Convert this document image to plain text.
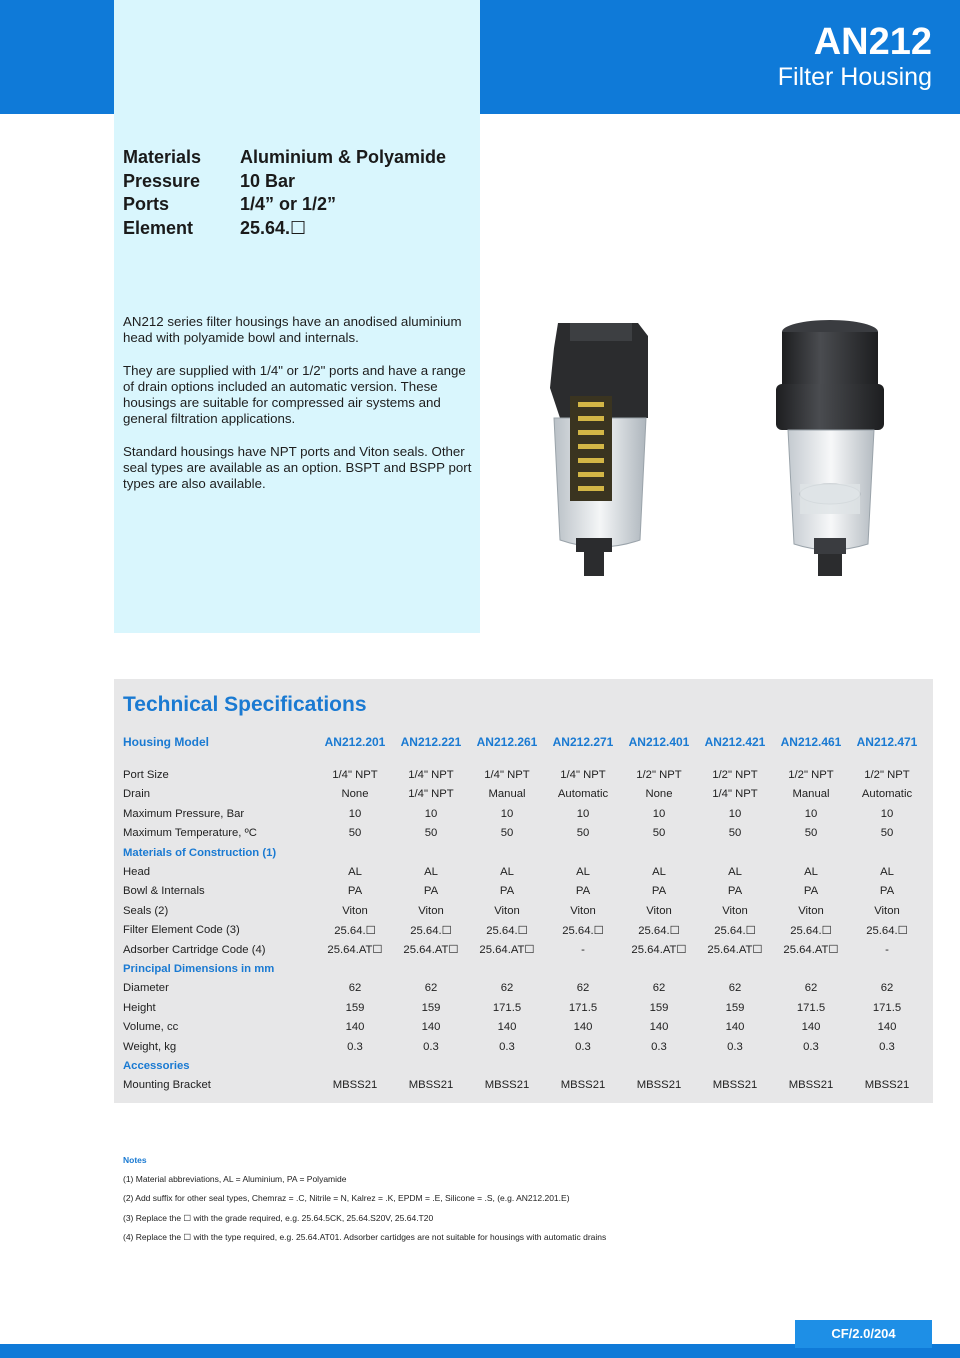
AN212
Filter Housing
Materials	Aluminium & Polyamide
Pressure	10 Bar
Ports	1/4” or 1/2”
Element	25.64.☐

AN212 series filter housings have an anodised aluminium head with polyamide bowl and internals.

They are supplied with 1/4" or 1/2" ports and have a range of drain options included an automatic version. These housings are suitable for compressed air systems and general filtration applications.

Standard housings have NPT ports and Viton seals. Other seal types are available as an option. BSPT and BSPP port types are also available.

Technical Specifications
Housing Model	AN212.201	AN212.221	AN212.261	AN212.271	AN212.401	AN212.421	AN212.461	AN212.471

Port Size	1/4" NPT	1/4" NPT	1/4" NPT	1/4" NPT	1/2" NPT	1/2" NPT	1/2" NPT	1/2" NPT
Drain	None	1/4" NPT	Manual	Automatic	None	1/4" NPT	Manual	Automatic
Maximum Pressure, Bar	10	10	10	10	10	10	10	10
Maximum Temperature, ºC	50	50	50	50	50	50	50	50
Materials of Construction (1)								
Head	AL	AL	AL	AL	AL	AL	AL	AL
Bowl & Internals	PA	PA	PA	PA	PA	PA	PA	PA
Seals (2)	Viton	Viton	Viton	Viton	Viton	Viton	Viton	Viton
Filter Element Code (3)	25.64.☐	25.64.☐	25.64.☐	25.64.☐	25.64.☐	25.64.☐	25.64.☐	25.64.☐
Adsorber Cartridge Code (4)	25.64.AT☐	25.64.AT☐	25.64.AT☐	-	25.64.AT☐	25.64.AT☐	25.64.AT☐	-
Principal Dimensions in mm								
Diameter	62	62	62	62	62	62	62	62
Height	159	159	171.5	171.5	159	159	171.5	171.5
Volume, cc	140	140	140	140	140	140	140	140
Weight, kg	0.3	0.3	0.3	0.3	0.3	0.3	0.3	0.3
Accessories								
Mounting Bracket	MBSS21	MBSS21	MBSS21	MBSS21	MBSS21	MBSS21	MBSS21	MBSS21
Notes
(1) Material abbreviations, AL = Aluminium, PA = Polyamide
(2) Add suffix for other seal types, Chemraz = .C, Nitrile = N, Kalrez = .K, EPDM = .E, Silicone = .S, (e.g. AN212.201.E)
(3) Replace the ☐ with the grade required, e.g. 25.64.5CK, 25.64.S20V, 25.64.T20
(4) Replace the ☐ with the type required, e.g. 25.64.AT01. Adsorber cartidges are not suitable for housings with automatic drains
CF/2.0/204
